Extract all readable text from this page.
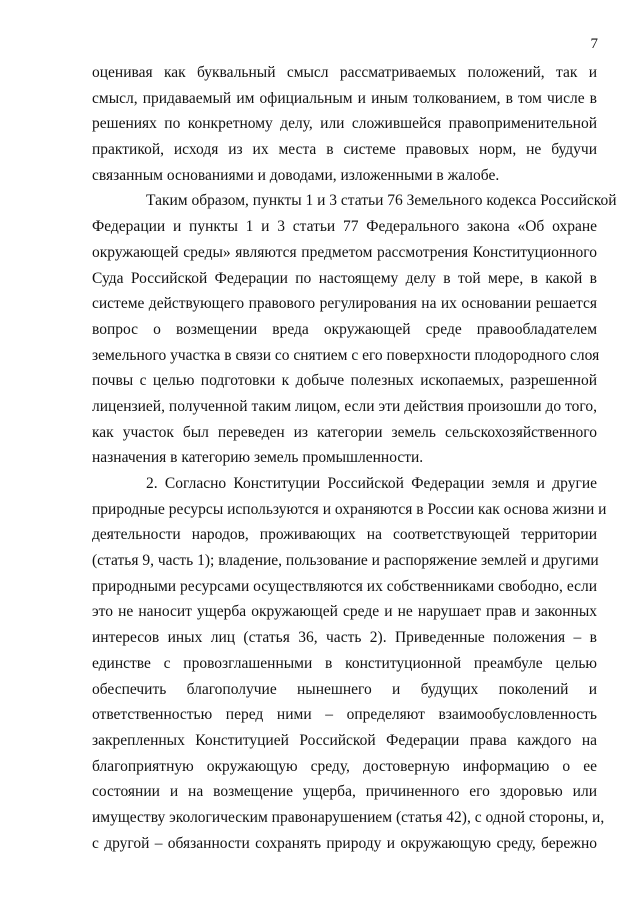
7
оценивая как буквальный смысл рассматриваемых положений, так и
смысл, придаваемый им официальным и иным толкованием, в том числе в
решениях по конкретному делу, или сложившейся правоприменительной
практикой, исходя из их места в системе правовых норм, не будучи
связанным основаниями и доводами, изложенными в жалобе.
Таким образом, пункты 1 и 3 статьи 76 Земельного кодекса Российской
Федерации и пункты 1 и 3 статьи 77 Федерального закона «Об охране
окружающей среды» являются предметом рассмотрения Конституционного
Суда Российской Федерации по настоящему делу в той мере, в какой в
системе действующего правового регулирования на их основании решается
вопрос о возмещении вреда окружающей среде правообладателем
земельного участка в связи со снятием с его поверхности плодородного слоя
почвы с целью подготовки к добыче полезных ископаемых, разрешенной
лицензией, полученной таким лицом, если эти действия произошли до того,
как участок был переведен из категории земель сельскохозяйственного
назначения в категорию земель промышленности.
2. Согласно Конституции Российской Федерации земля и другие
природные ресурсы используются и охраняются в России как основа жизни и
деятельности народов, проживающих на соответствующей территории
(статья 9, часть 1); владение, пользование и распоряжение землей и другими
природными ресурсами осуществляются их собственниками свободно, если
это не наносит ущерба окружающей среде и не нарушает прав и законных
интересов иных лиц (статья 36, часть 2). Приведенные положения – в
единстве с провозглашенными в конституционной преамбуле целью
обеспечить благополучие нынешнего и будущих поколений и
ответственностью перед ними – определяют взаимообусловленность
закрепленных Конституцией Российской Федерации права каждого на
благоприятную окружающую среду, достоверную информацию о ее
состоянии и на возмещение ущерба, причиненного его здоровью или
имуществу экологическим правонарушением (статья 42), с одной стороны, и,
с другой – обязанности сохранять природу и окружающую среду, бережно
